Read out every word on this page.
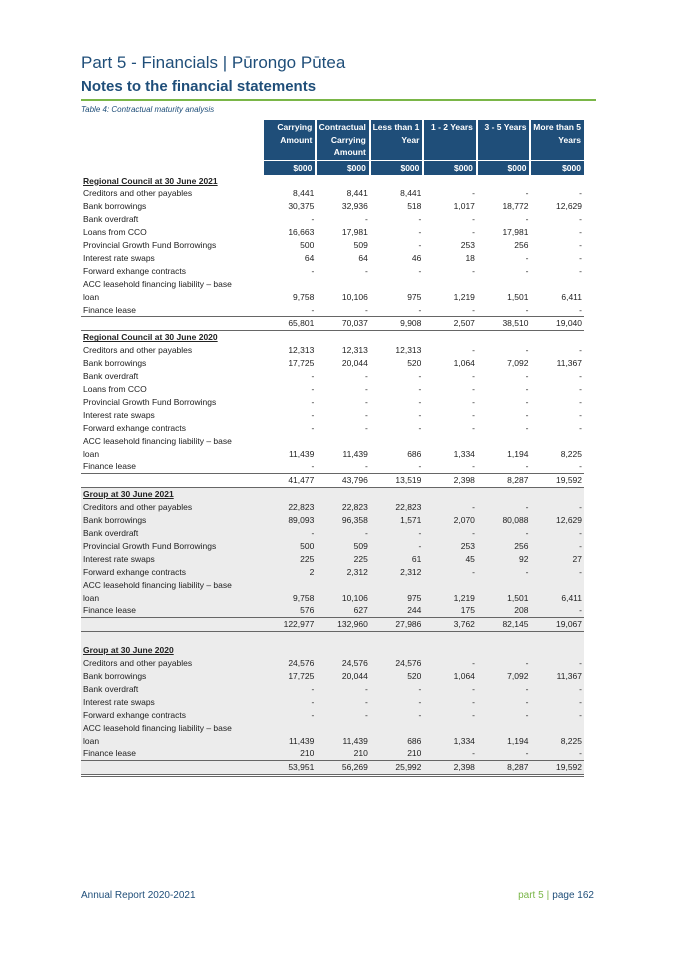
Part 5 - Financials | Pūrongo Pūtea
Notes to the financial statements
Table 4: Contractual maturity analysis
	Carrying Amount	Contractual Carrying Amount	Less than 1 Year	1 - 2 Years	3 - 5 Years	More than 5 Years
	$000	$000	$000	$000	$000	$000
Regional Council at 30 June 2021						
Creditors and other payables	8,441	8,441	8,441	-	-	-
Bank borrowings	30,375	32,936	518	1,017	18,772	12,629
Bank overdraft	-	-	-	-	-	-
Loans from CCO	16,663	17,981	-	-	17,981	-
Provincial Growth Fund Borrowings	500	509	-	253	256	-
Interest rate swaps	64	64	46	18	-	-
Forward exhange contracts	-	-	-	-	-	-
ACC leasehold financing liability – base						
loan	9,758	10,106	975	1,219	1,501	6,411
Finance lease	-	-	-	-	-	-
	65,801	70,037	9,908	2,507	38,510	19,040
Regional Council at 30 June 2020						
Creditors and other payables	12,313	12,313	12,313	-	-	-
Bank borrowings	17,725	20,044	520	1,064	7,092	11,367
Bank overdraft	-	-	-	-	-	-
Loans from CCO	-	-	-	-	-	-
Provincial Growth Fund Borrowings	-	-	-	-	-	-
Interest rate swaps	-	-	-	-	-	-
Forward exhange contracts	-	-	-	-	-	-
ACC leasehold financing liability – base						
loan	11,439	11,439	686	1,334	1,194	8,225
Finance lease	-	-	-	-	-	-
	41,477	43,796	13,519	2,398	8,287	19,592
Group at 30 June 2021						
Creditors and other payables	22,823	22,823	22,823	-	-	-
Bank borrowings	89,093	96,358	1,571	2,070	80,088	12,629
Bank overdraft	-	-	-	-	-	-
Provincial Growth Fund Borrowings	500	509	-	253	256	-
Interest rate swaps	225	225	61	45	92	27
Forward exhange contracts	2	2,312	2,312	-	-	-
ACC leasehold financing liability – base						
loan	9,758	10,106	975	1,219	1,501	6,411
Finance lease	576	627	244	175	208	-
	122,977	132,960	27,986	3,762	82,145	19,067

Group at 30 June 2020						
Creditors and other payables	24,576	24,576	24,576	-	-	-
Bank borrowings	17,725	20,044	520	1,064	7,092	11,367
Bank overdraft	-	-	-	-	-	-
Interest rate swaps	-	-	-	-	-	-
Forward exhange contracts	-	-	-	-	-	-
ACC leasehold financing liability – base						
loan	11,439	11,439	686	1,334	1,194	8,225
Finance lease	210	210	210	-	-	-
	53,951	56,269	25,992	2,398	8,287	19,592
Annual Report 2020-2021	part 5 | page 162
